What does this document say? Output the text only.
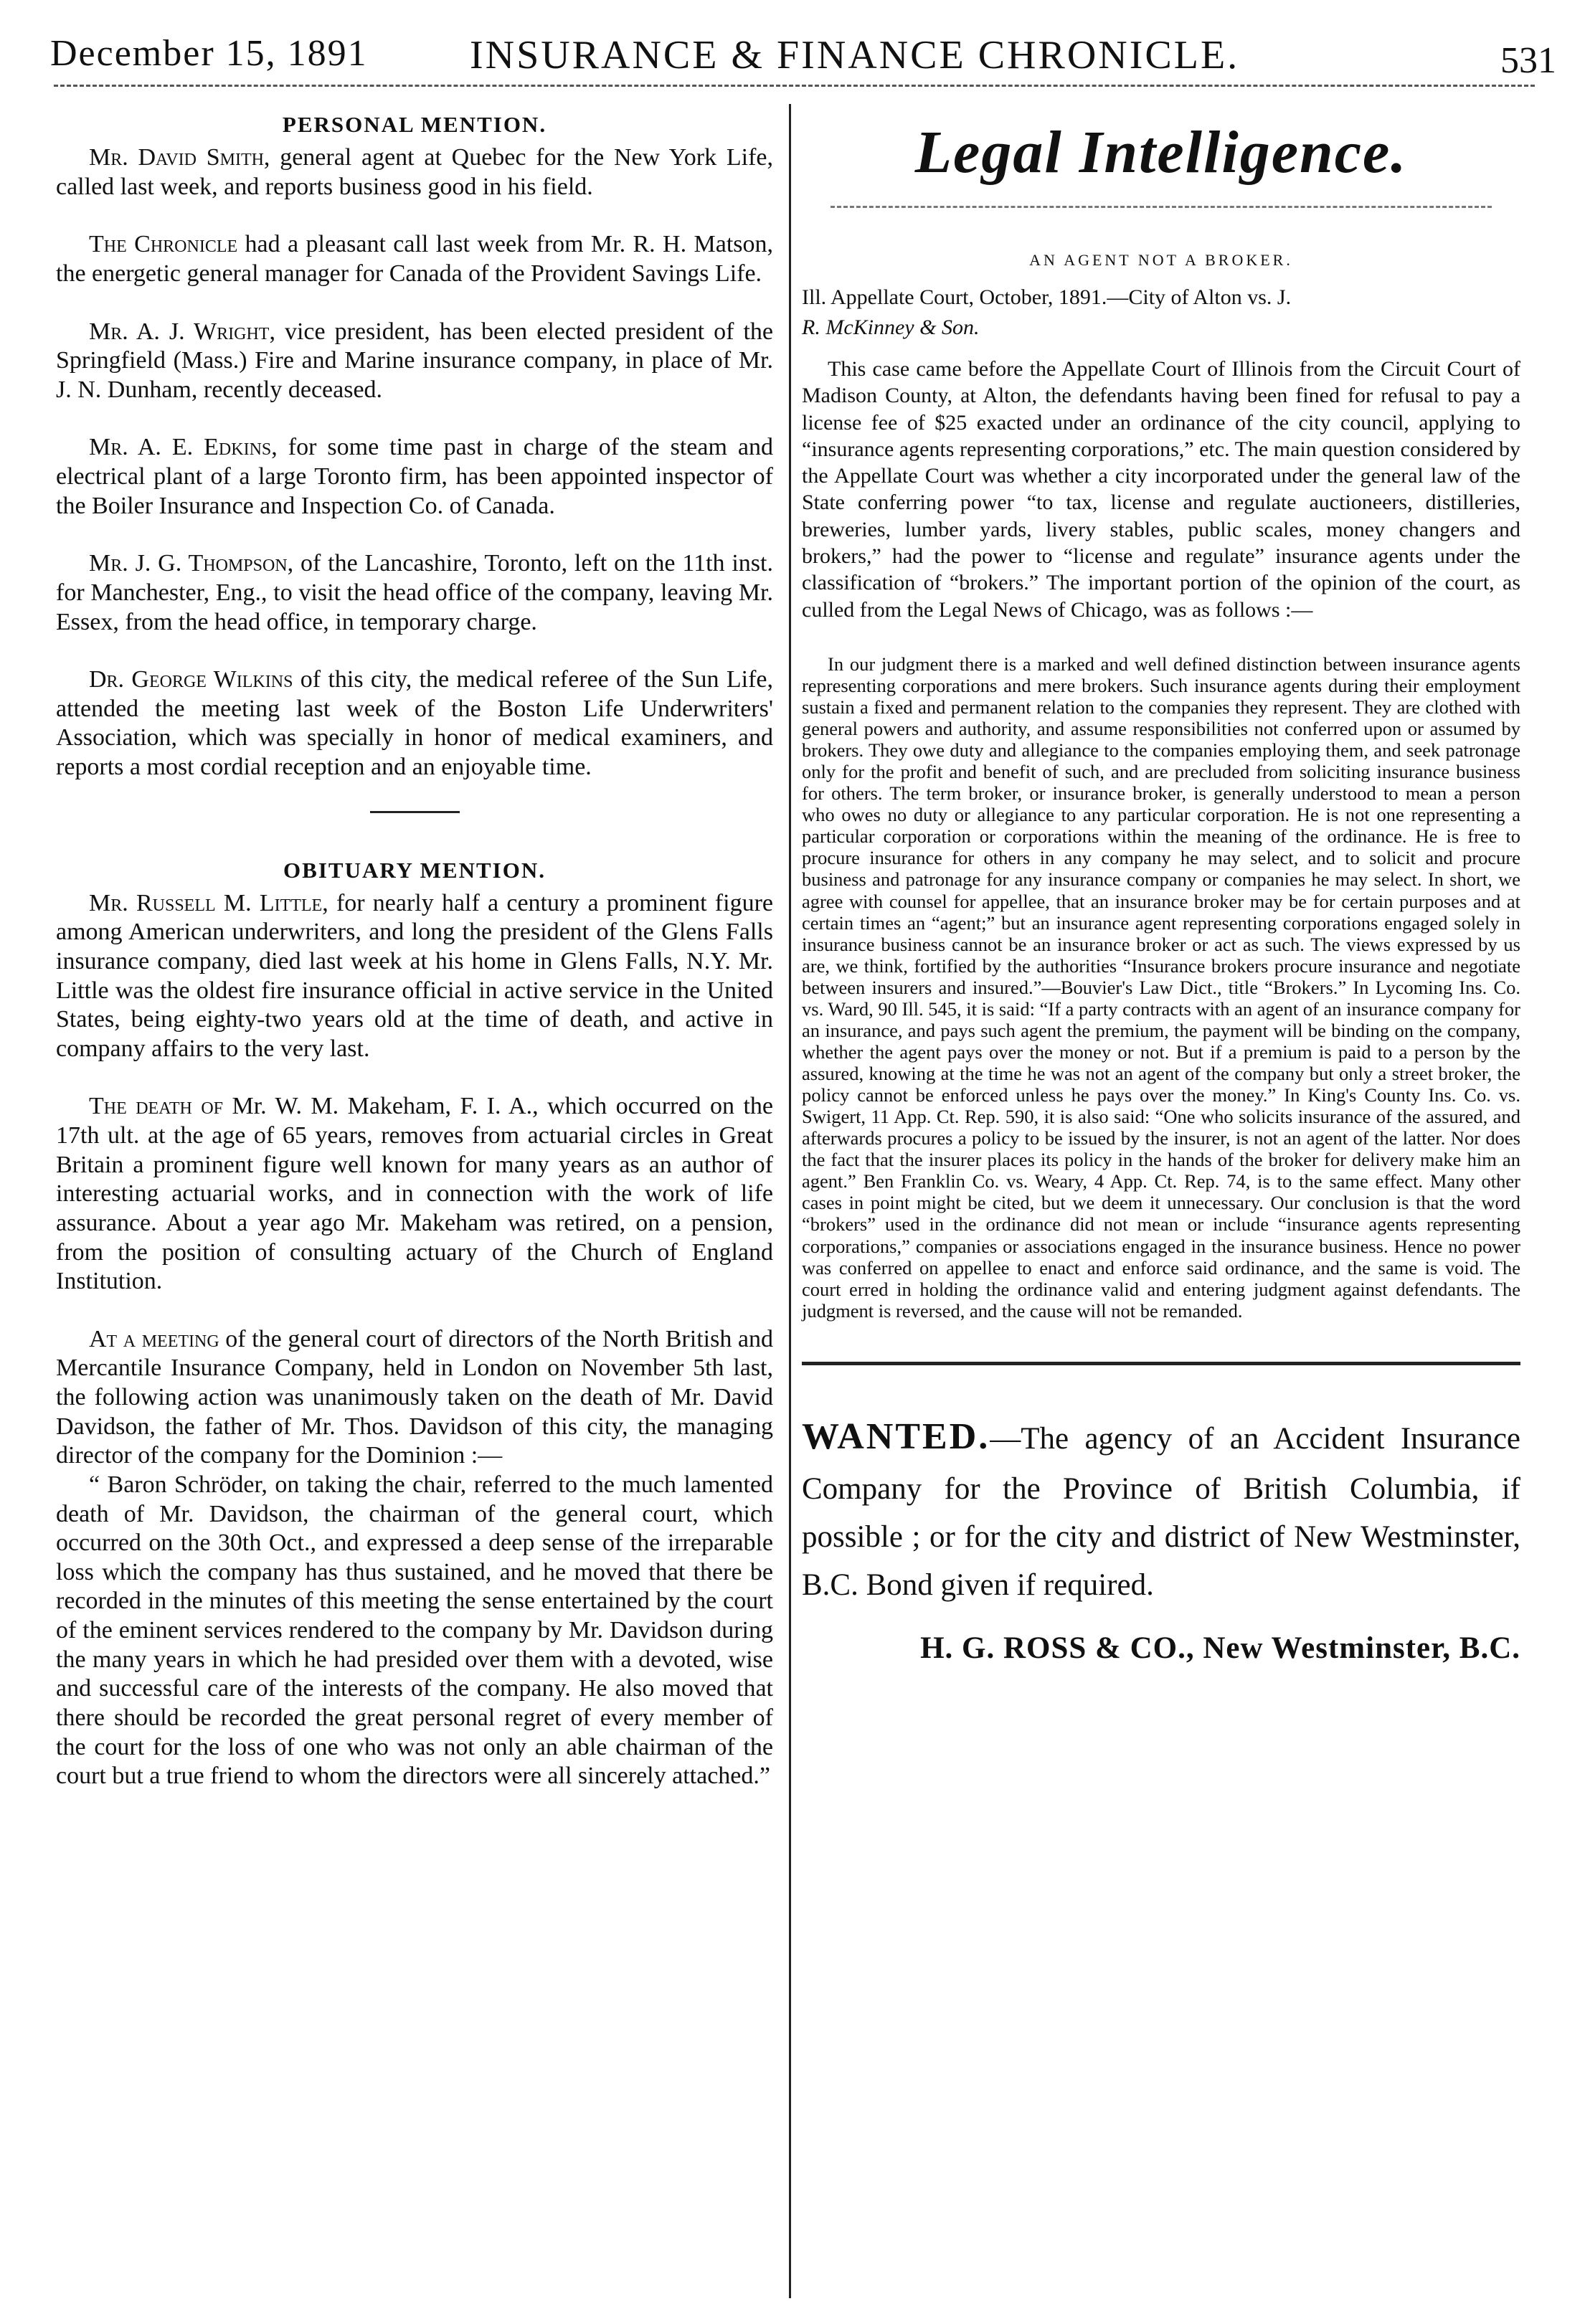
December 15, 1891	INSURANCE & FINANCE CHRONICLE.	531
PERSONAL MENTION.

Mr. David Smith, general agent at Quebec for the New York Life, called last week, and reports business good in his field.

The Chronicle had a pleasant call last week from Mr. R. H. Matson, the energetic general manager for Canada of the Provident Savings Life.

Mr. A. J. Wright, vice president, has been elected president of the Springfield (Mass.) Fire and Marine insurance company, in place of Mr. J. N. Dunham, recently deceased.

Mr. A. E. Edkins, for some time past in charge of the steam and electrical plant of a large Toronto firm, has been appointed inspector of the Boiler Insurance and Inspection Co. of Canada.

Mr. J. G. Thompson, of the Lancashire, Toronto, left on the 11th inst. for Manchester, Eng., to visit the head office of the company, leaving Mr. Essex, from the head office, in temporary charge.

Dr. George Wilkins of this city, the medical referee of the Sun Life, attended the meeting last week of the Boston Life Underwriters' Association, which was specially in honor of medical examiners, and reports a most cordial reception and an enjoyable time.

OBITUARY MENTION.

Mr. Russell M. Little, for nearly half a century a prominent figure among American underwriters, and long the president of the Glens Falls insurance company, died last week at his home in Glens Falls, N.Y. Mr. Little was the oldest fire insurance official in active service in the United States, being eighty-two years old at the time of death, and active in company affairs to the very last.

The death of Mr. W. M. Makeham, F. I. A., which occurred on the 17th ult. at the age of 65 years, removes from actuarial circles in Great Britain a prominent figure well known for many years as an author of interesting actuarial works, and in connection with the work of life assurance. About a year ago Mr. Makeham was retired, on a pension, from the position of consulting actuary of the Church of England Institution.

At a meeting of the general court of directors of the North British and Mercantile Insurance Company, held in London on November 5th last, the following action was unanimously taken on the death of Mr. David Davidson, the father of Mr. Thos. Davidson of this city, the managing director of the company for the Dominion :—

“ Baron Schröder, on taking the chair, referred to the much lamented death of Mr. Davidson, the chairman of the general court, which occurred on the 30th Oct., and expressed a deep sense of the irreparable loss which the company has thus sustained, and he moved that there be recorded in the minutes of this meeting the sense entertained by the court of the eminent services rendered to the company by Mr. Davidson during the many years in which he had presided over them with a devoted, wise and successful care of the interests of the company. He also moved that there should be recorded the great personal regret of every member of the court for the loss of one who was not only an able chairman of the court but a true friend to whom the directors were all sincerely attached.”

Legal Intelligence.
AN AGENT NOT A BROKER.
Ill. Appellate Court, October, 1891.—City of Alton vs. J.
R. McKinney & Son.

This case came before the Appellate Court of Illinois from the Circuit Court of Madison County, at Alton, the defendants having been fined for refusal to pay a license fee of $25 exacted under an ordinance of the city council, applying to “insurance agents representing corporations,” etc. The main question considered by the Appellate Court was whether a city incorporated under the general law of the State conferring power “to tax, license and regulate auctioneers, distilleries, breweries, lumber yards, livery stables, public scales, money changers and brokers,” had the power to “license and regulate” insurance agents under the classification of “brokers.” The important portion of the opinion of the court, as culled from the Legal News of Chicago, was as follows :—

In our judgment there is a marked and well defined distinction between insurance agents representing corporations and mere brokers. Such insurance agents during their employment sustain a fixed and permanent relation to the companies they represent. They are clothed with general powers and authority, and assume responsibilities not conferred upon or assumed by brokers. They owe duty and allegiance to the companies employing them, and seek patronage only for the profit and benefit of such, and are precluded from soliciting insurance business for others. The term broker, or insurance broker, is generally understood to mean a person who owes no duty or allegiance to any particular corporation. He is not one representing a particular corporation or corporations within the meaning of the ordinance. He is free to procure insurance for others in any company he may select, and to solicit and procure business and patronage for any insurance company or companies he may select. In short, we agree with counsel for appellee, that an insurance broker may be for certain purposes and at certain times an “agent;” but an insurance agent representing corporations engaged solely in insurance business cannot be an insurance broker or act as such. The views expressed by us are, we think, fortified by the authorities “Insurance brokers procure insurance and negotiate between insurers and insured.”—Bouvier's Law Dict., title “Brokers.” In Lycoming Ins. Co. vs. Ward, 90 Ill. 545, it is said: “If a party contracts with an agent of an insurance company for an insurance, and pays such agent the premium, the payment will be binding on the company, whether the agent pays over the money or not. But if a premium is paid to a person by the assured, knowing at the time he was not an agent of the company but only a street broker, the policy cannot be enforced unless he pays over the money.” In King's County Ins. Co. vs. Swigert, 11 App. Ct. Rep. 590, it is also said: “One who solicits insurance of the assured, and afterwards procures a policy to be issued by the insurer, is not an agent of the latter. Nor does the fact that the insurer places its policy in the hands of the broker for delivery make him an agent.” Ben Franklin Co. vs. Weary, 4 App. Ct. Rep. 74, is to the same effect. Many other cases in point might be cited, but we deem it unnecessary. Our conclusion is that the word “brokers” used in the ordinance did not mean or include “insurance agents representing corporations,” companies or associations engaged in the insurance business. Hence no power was conferred on appellee to enact and enforce said ordinance, and the same is void. The court erred in holding the ordinance valid and entering judgment against defendants. The judgment is reversed, and the cause will not be remanded.

WANTED.—The agency of an Accident Insurance Company for the Province of British Columbia, if possible ; or for the city and district of New Westminster, B.C. Bond given if required.
H. G. ROSS & CO., New Westminster, B.C.
